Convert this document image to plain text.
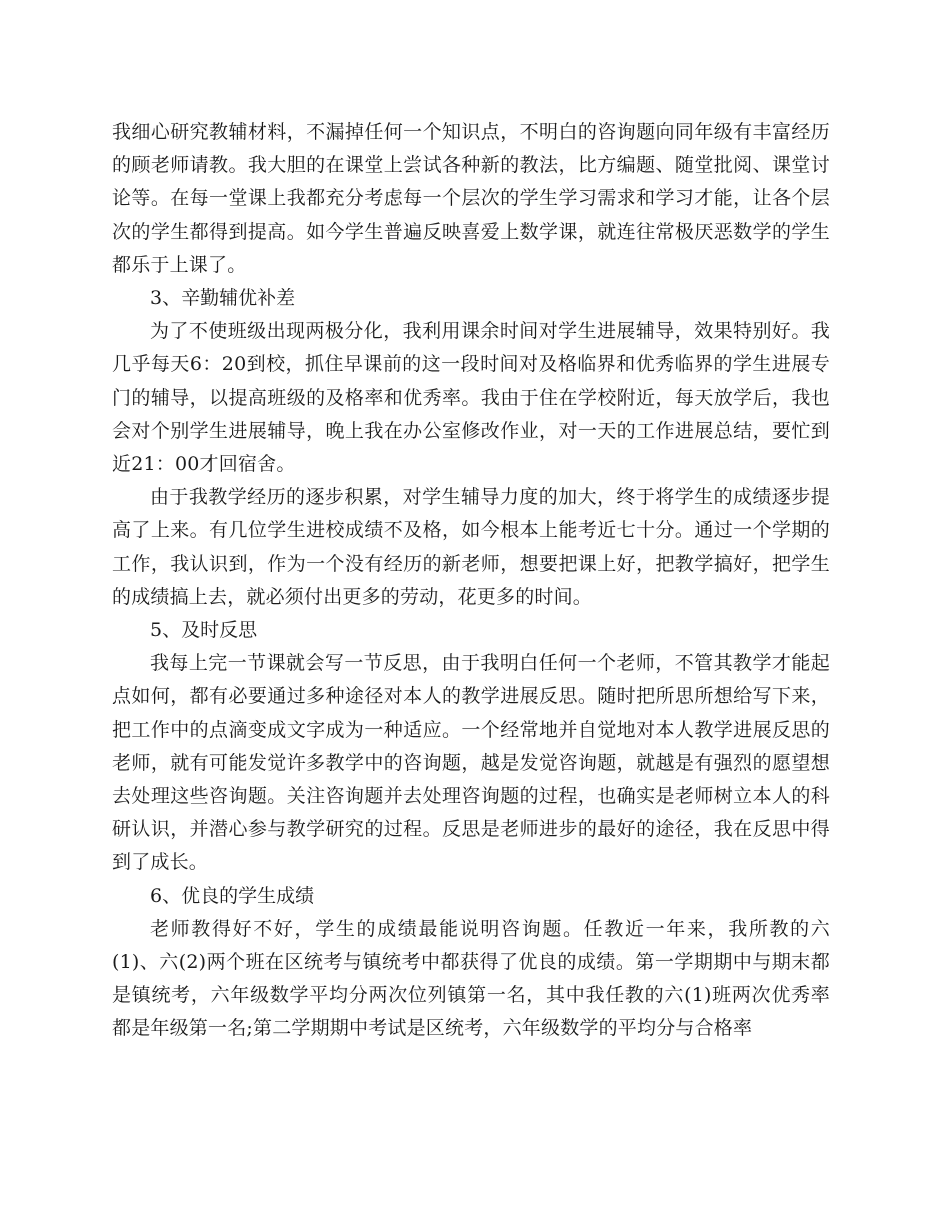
我细心研究教辅材料，不漏掉任何一个知识点，不明白的咨询题向同年级有丰富经历的顾老师请教。我大胆的在课堂上尝试各种新的教法，比方编题、随堂批阅、课堂讨论等。在每一堂课上我都充分考虑每一个层次的学生学习需求和学习才能，让各个层次的学生都得到提高。如今学生普遍反映喜爱上数学课，就连往常极厌恶数学的学生都乐于上课了。

3、辛勤辅优补差

为了不使班级出现两极分化，我利用课余时间对学生进展辅导，效果特别好。我几乎每天6：20到校，抓住早课前的这一段时间对及格临界和优秀临界的学生进展专门的辅导，以提高班级的及格率和优秀率。我由于住在学校附近，每天放学后，我也会对个别学生进展辅导，晚上我在办公室修改作业，对一天的工作进展总结，要忙到近21：00才回宿舍。

由于我教学经历的逐步积累，对学生辅导力度的加大，终于将学生的成绩逐步提高了上来。有几位学生进校成绩不及格，如今根本上能考近七十分。通过一个学期的工作，我认识到，作为一个没有经历的新老师，想要把课上好，把教学搞好，把学生的成绩搞上去，就必须付出更多的劳动，花更多的时间。

5、及时反思

我每上完一节课就会写一节反思，由于我明白任何一个老师，不管其教学才能起点如何，都有必要通过多种途径对本人的教学进展反思。随时把所思所想给写下来，把工作中的点滴变成文字成为一种适应。一个经常地并自觉地对本人教学进展反思的老师，就有可能发觉许多教学中的咨询题，越是发觉咨询题，就越是有强烈的愿望想去处理这些咨询题。关注咨询题并去处理咨询题的过程，也确实是老师树立本人的科研认识，并潜心参与教学研究的过程。反思是老师进步的最好的途径，我在反思中得到了成长。

6、优良的学生成绩

老师教得好不好，学生的成绩最能说明咨询题。任教近一年来，我所教的六(1)、六(2)两个班在区统考与镇统考中都获得了优良的成绩。第一学期期中与期末都是镇统考，六年级数学平均分两次位列镇第一名，其中我任教的六(1)班两次优秀率都是年级第一名;第二学期期中考试是区统考，六年级数学的平均分与合格率
